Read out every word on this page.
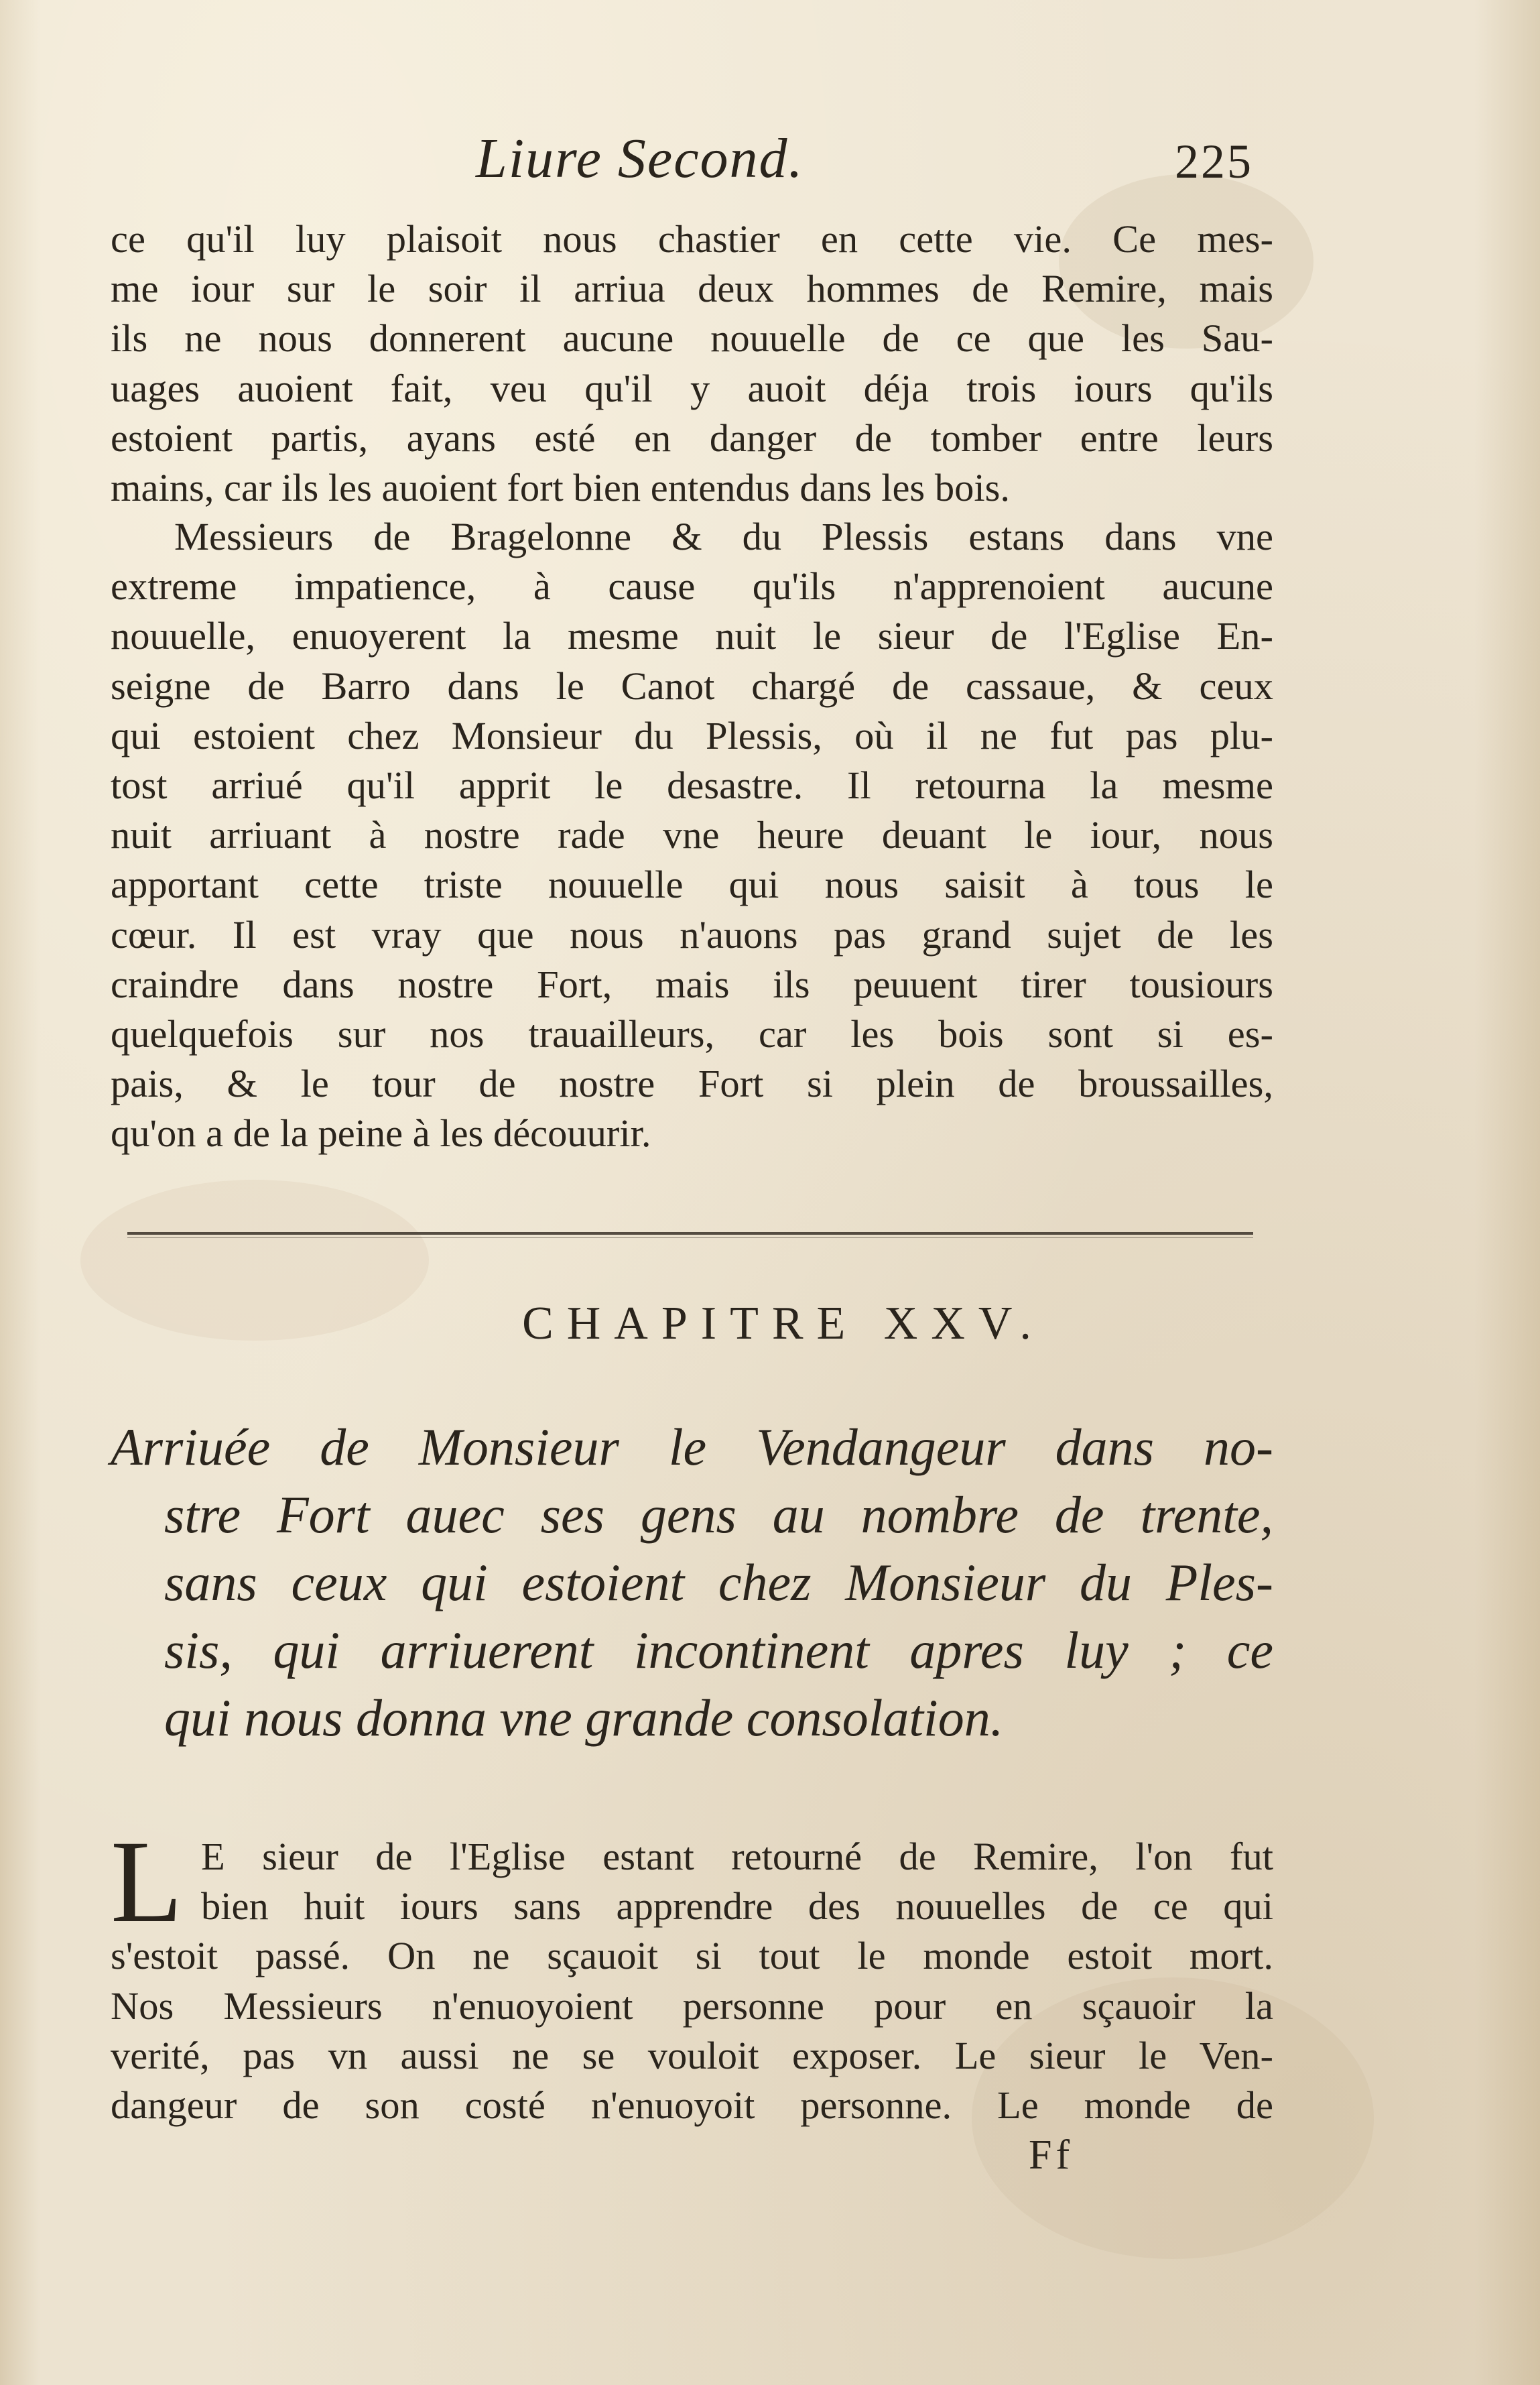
Liure Second.	225
ce qu'il luy plaisoit nous chastier en cette vie. Ce mes-
me iour sur le soir il arriua deux hommes de Remire, mais
ils ne nous donnerent aucune nouuelle de ce que les Sau-
uages auoient fait, veu qu'il y auoit déja trois iours qu'ils
estoient partis, ayans esté en danger de tomber entre leurs
mains, car ils les auoient fort bien entendus dans les bois.
Messieurs de Bragelonne & du Plessis estans dans vne
extreme impatience, à cause qu'ils n'apprenoient aucune
nouuelle, enuoyerent la mesme nuit le sieur de l'Eglise En-
seigne de Barro dans le Canot chargé de cassaue, & ceux
qui estoient chez Monsieur du Plessis, où il ne fut pas plu-
tost arriué qu'il apprit le desastre. Il retourna la mesme
nuit arriuant à nostre rade vne heure deuant le iour, nous
apportant cette triste nouuelle qui nous saisit à tous le
cœur. Il est vray que nous n'auons pas grand sujet de les
craindre dans nostre Fort, mais ils peuuent tirer tousiours
quelquefois sur nos trauailleurs, car les bois sont si es-
pais, & le tour de nostre Fort si plein de broussailles,
qu'on a de la peine à les découurir.
CHAPITRE XXV.
Arriuée de Monsieur le Vendangeur dans no-
stre Fort auec ses gens au nombre de trente,
sans ceux qui estoient chez Monsieur du Ples-
sis, qui arriuerent incontinent apres luy ; ce
qui nous donna vne grande consolation.
L E sieur de l'Eglise estant retourné de Remire, l'on fut
bien huit iours sans apprendre des nouuelles de ce qui
s'estoit passé. On ne sçauoit si tout le monde estoit mort.
Nos Messieurs n'enuoyoient personne pour en sçauoir la
verité, pas vn aussi ne se vouloit exposer. Le sieur le Ven-
dangeur de son costé n'enuoyoit personne. Le monde de
Ff
